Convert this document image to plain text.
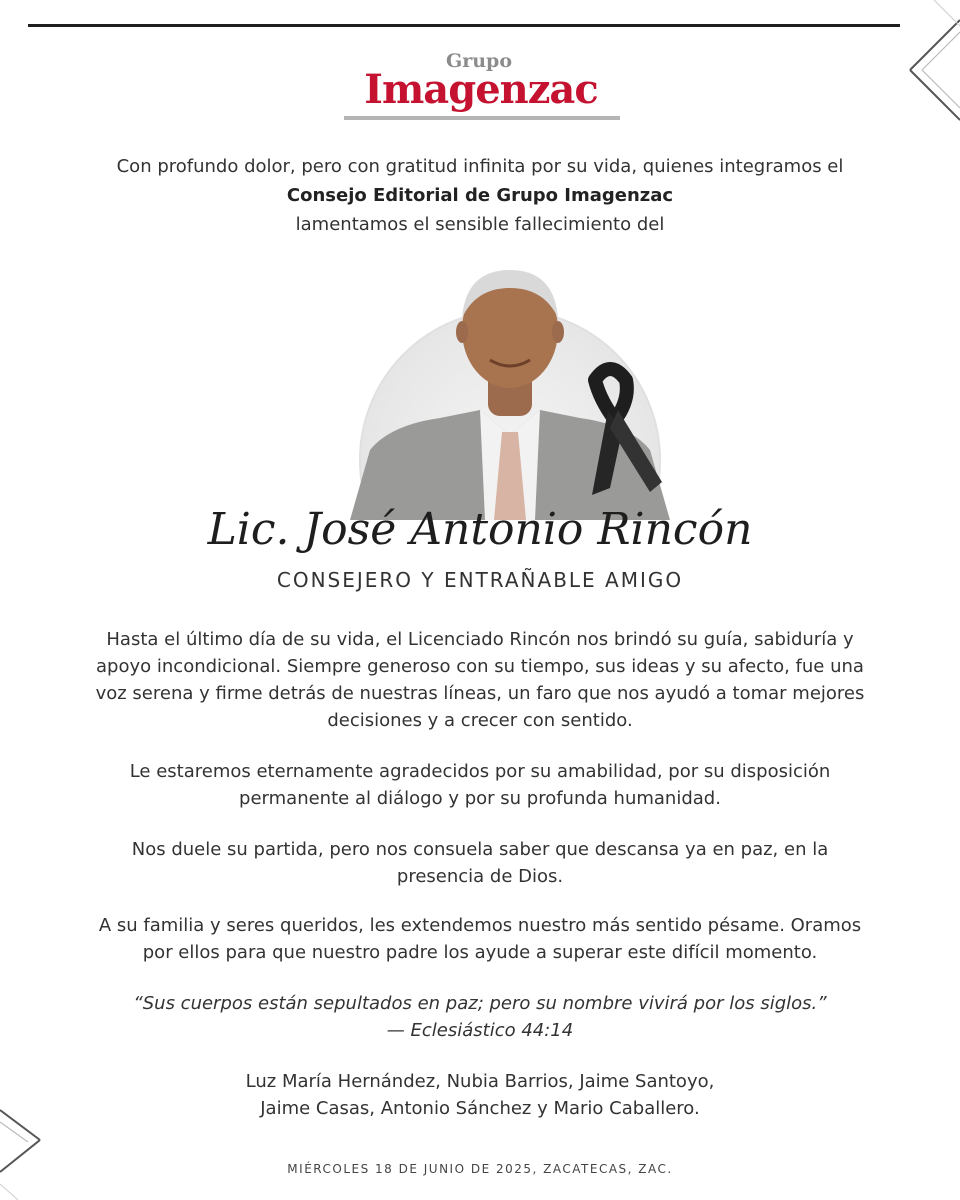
Grupo
Imagenzac
Con profundo dolor, pero con gratitud infinita por su vida, quienes integramos el
Consejo Editorial de Grupo Imagenzac
lamentamos el sensible fallecimiento del
Lic. José Antonio Rincón
CONSEJERO Y ENTRAÑABLE AMIGO
Hasta el último día de su vida, el Licenciado Rincón nos brindó su guía, sabiduría y
apoyo incondicional. Siempre generoso con su tiempo, sus ideas y su afecto, fue una
voz serena y firme detrás de nuestras líneas, un faro que nos ayudó a tomar mejores
decisiones y a crecer con sentido.
Le estaremos eternamente agradecidos por su amabilidad, por su disposición
permanente al diálogo y por su profunda humanidad.
Nos duele su partida, pero nos consuela saber que descansa ya en paz, en la
presencia de Dios.
A su familia y seres queridos, les extendemos nuestro más sentido pésame. Oramos
por ellos para que nuestro padre los ayude a superar este difícil momento.
“Sus cuerpos están sepultados en paz; pero su nombre vivirá por los siglos.”
— Eclesiástico 44:14
Luz María Hernández, Nubia Barrios, Jaime Santoyo,
Jaime Casas, Antonio Sánchez y Mario Caballero.
MIÉRCOLES 18 DE JUNIO DE 2025, ZACATECAS, ZAC.
